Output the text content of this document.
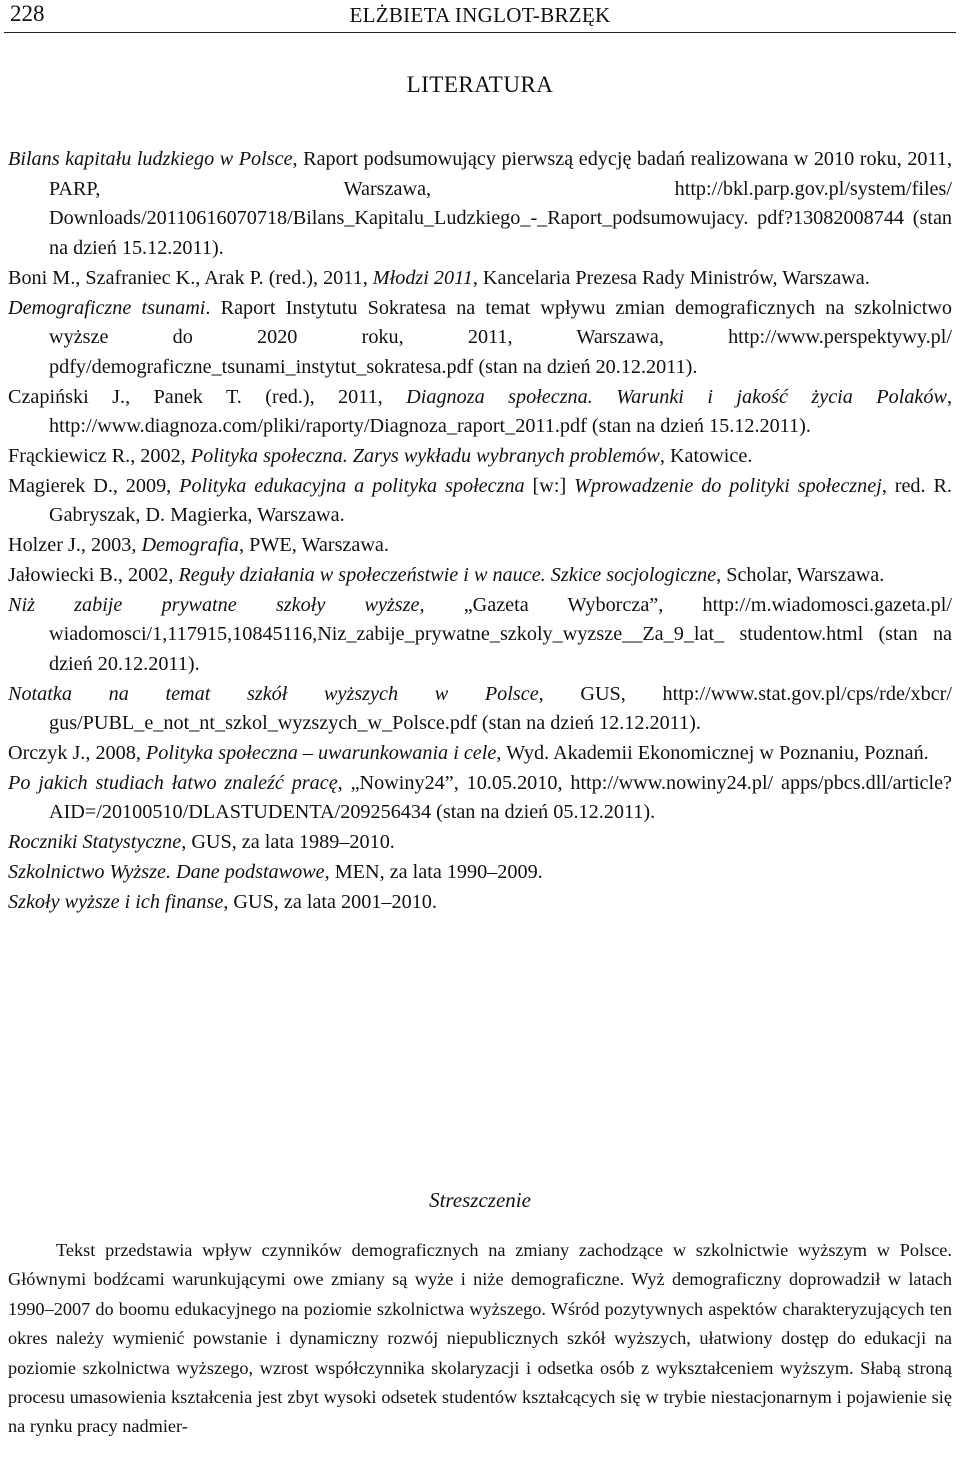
228	ELŻBIETA INGLOT-BRZĘK
LITERATURA

Bilans kapitału ludzkiego w Polsce, Raport podsumowujący pierwszą edycję badań realizowana w 2010 roku, 2011, PARP, Warszawa, http://bkl.parp.gov.pl/system/files/ Downloads/20110616070718/Bilans_Kapitalu_Ludzkiego_-_Raport_podsumowujacy. pdf?13082008744 (stan na dzień 15.12.2011).

Boni M., Szafraniec K., Arak P. (red.), 2011, Młodzi 2011, Kancelaria Prezesa Rady Ministrów, Warszawa.

Demograficzne tsunami. Raport Instytutu Sokratesa na temat wpływu zmian demograficznych na szkolnictwo wyższe do 2020 roku, 2011, Warszawa, http://www.perspektywy.pl/ pdfy/demograficzne_tsunami_instytut_sokratesa.pdf (stan na dzień 20.12.2011).

Czapiński J., Panek T. (red.), 2011, Diagnoza społeczna. Warunki i jakość życia Polaków, http://www.diagnoza.com/pliki/raporty/Diagnoza_raport_2011.pdf (stan na dzień 15.12.2011).

Frąckiewicz R., 2002, Polityka społeczna. Zarys wykładu wybranych problemów, Katowice.

Magierek D., 2009, Polityka edukacyjna a polityka społeczna [w:] Wprowadzenie do polityki społecznej, red. R. Gabryszak, D. Magierka, Warszawa.

Holzer J., 2003, Demografia, PWE, Warszawa.

Jałowiecki B., 2002, Reguły działania w społeczeństwie i w nauce. Szkice socjologiczne, Scholar, Warszawa.

Niż zabije prywatne szkoły wyższe, „Gazeta Wyborcza”, http://m.wiadomosci.gazeta.pl/ wiadomosci/1,117915,10845116,Niz_zabije_prywatne_szkoly_wyzsze__Za_9_lat_ studentow.html (stan na dzień 20.12.2011).

Notatka na temat szkół wyższych w Polsce, GUS, http://www.stat.gov.pl/cps/rde/xbcr/ gus/PUBL_e_not_nt_szkol_wyzszych_w_Polsce.pdf (stan na dzień 12.12.2011).

Orczyk J., 2008, Polityka społeczna – uwarunkowania i cele, Wyd. Akademii Ekonomicznej w Poznaniu, Poznań.

Po jakich studiach łatwo znaleźć pracę, „Nowiny24”, 10.05.2010, http://www.nowiny24.pl/ apps/pbcs.dll/article?AID=/20100510/DLASTUDENTA/209256434 (stan na dzień 05.12.2011).

Roczniki Statystyczne, GUS, za lata 1989–2010.

Szkolnictwo Wyższe. Dane podstawowe, MEN, za lata 1990–2009.

Szkoły wyższe i ich finanse, GUS, za lata 2001–2010.

Streszczenie

Tekst przedstawia wpływ czynników demograficznych na zmiany zachodzące w szkolnictwie wyższym w Polsce. Głównymi bodźcami warunkującymi owe zmiany są wyże i niże demograficzne. Wyż demograficzny doprowadził w latach 1990–2007 do boomu edukacyjnego na poziomie szkolnictwa wyższego. Wśród pozytywnych aspektów charakteryzujących ten okres należy wymienić powstanie i dynamiczny rozwój niepublicznych szkół wyższych, ułatwiony dostęp do edukacji na poziomie szkolnictwa wyższego, wzrost współczynnika skolaryzacji i odsetka osób z wykształceniem wyższym. Słabą stroną procesu umasowienia kształcenia jest zbyt wysoki odsetek studentów kształcących się w trybie niestacjonarnym i pojawienie się na rynku pracy nadmier-
